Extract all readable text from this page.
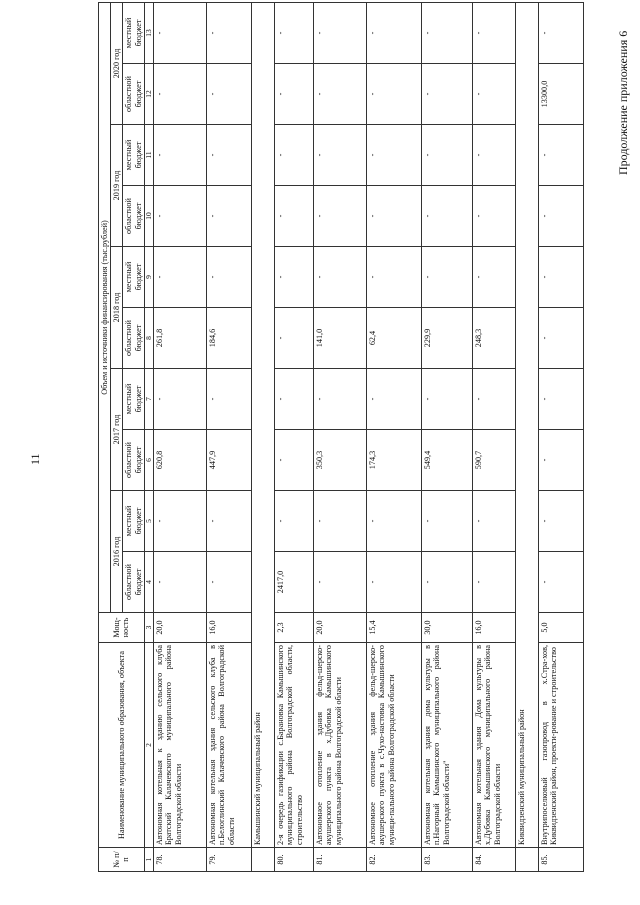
11
Продолжение приложения 6
№ п/п	Наименование муниципального образования, объекта	Мощ-ность	Объем и источники финансирования (тыс.рублей)									
			2016 год		2017 год		2018 год		2019 год		2020 год	
			областной бюджет	местный бюджет	областной бюджет	местный бюджет	областной бюджет	местный бюджет	областной бюджет	местный бюджет	областной бюджет	местный бюджет
1	2	3	4	5	6	7	8	9	10	11	12	13
78.	Автономная котельная к зданию сельского клуба Братский Калачевского муниципального района Волгоградской области	20,0	-	-	620,8	-	261,8	-	-	-	-	-
79.	Автономная котельная здания сельского клуба в п.Белоглинский Калачевского района Волгоградской области	16,0	-	-	447,9	-	184,6	-	-	-	-	-
	Камышинский муниципальный район											
80.	2-я очередь газификации с.Барановка Камышинского муниципального района Волгоградской области, строительство	2,3	2417,0	-	-	-	-	-	-	-	-	-
81.	Автономное отопление здания фельд-шерско-акушерского пункта в х.Дубовка Камышинского муниципального района Волгоградской области	20,0	-	-	350,3	-	141,0	-	-	-	-	-
82.	Автономное отопление здания фельд-шерско-акушерского пункта в с.Чухо-настовка Камышинского муници-пального района Волгоградской области	15,4	-	-	174,3	-	62,4	-	-	-	-	-
83.	Автономная котельная здания дома культуры в п.Нагорный Камышинского муниципального района Волгоградской области"	30,0	-	-	549,4	-	229,9	-	-	-	-	-
84.	Автономная котельная здания Дома культуры в х.Дубовка Камышинского муниципального района Волгоградской области	16,0	-	-	590,7	-	248,3	-	-	-	-	-
	Киквидзенский муниципальный район											
85.	Внутрипоселковый газопровод в х.Стра-хов, Киквидзенский район, проекти-рование и строительство	5,0	-	-	-	-	-	-	-	-	13300,0	-
